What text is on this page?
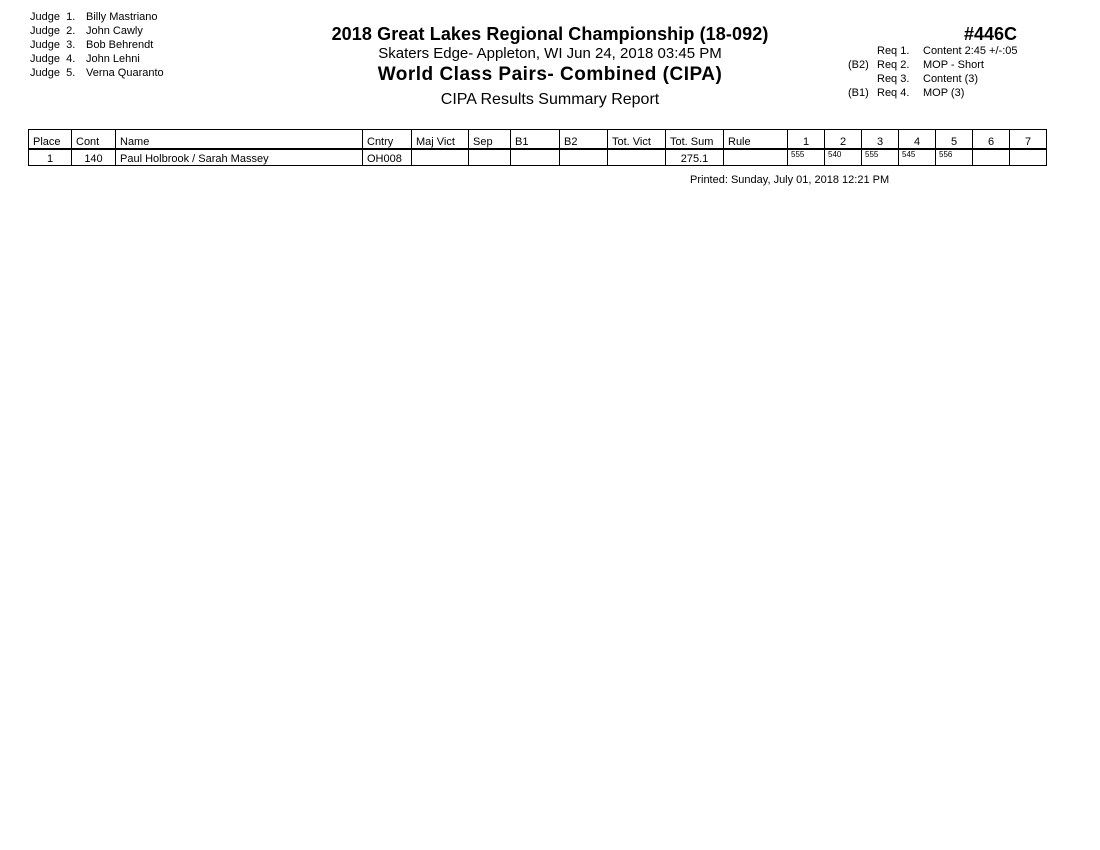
Judge 1. Billy Mastriano
Judge 2. John Cawly
Judge 3. Bob Behrendt
Judge 4. John Lehni
Judge 5. Verna Quaranto
2018 Great Lakes Regional Championship (18-092)
Skaters Edge- Appleton, WI Jun 24, 2018 03:45 PM
World Class Pairs- Combined (CIPA)
CIPA Results Summary Report
#446C
Req 1.	Content 2:45 +/-:05
(B2) Req 2.	MOP - Short
Req 3.	Content (3)
(B1) Req 4.	MOP (3)
Place	Cont	Name	Cntry	Maj Vict	Sep	B1	B2	Tot. Vict	Tot. Sum	Rule	1	2	3	4	5	6	7
1	140	Paul Holbrook / Sarah Massey	OH008						275.1		555	540	555	545	556		
Printed: Sunday, July 01, 2018 12:21 PM
